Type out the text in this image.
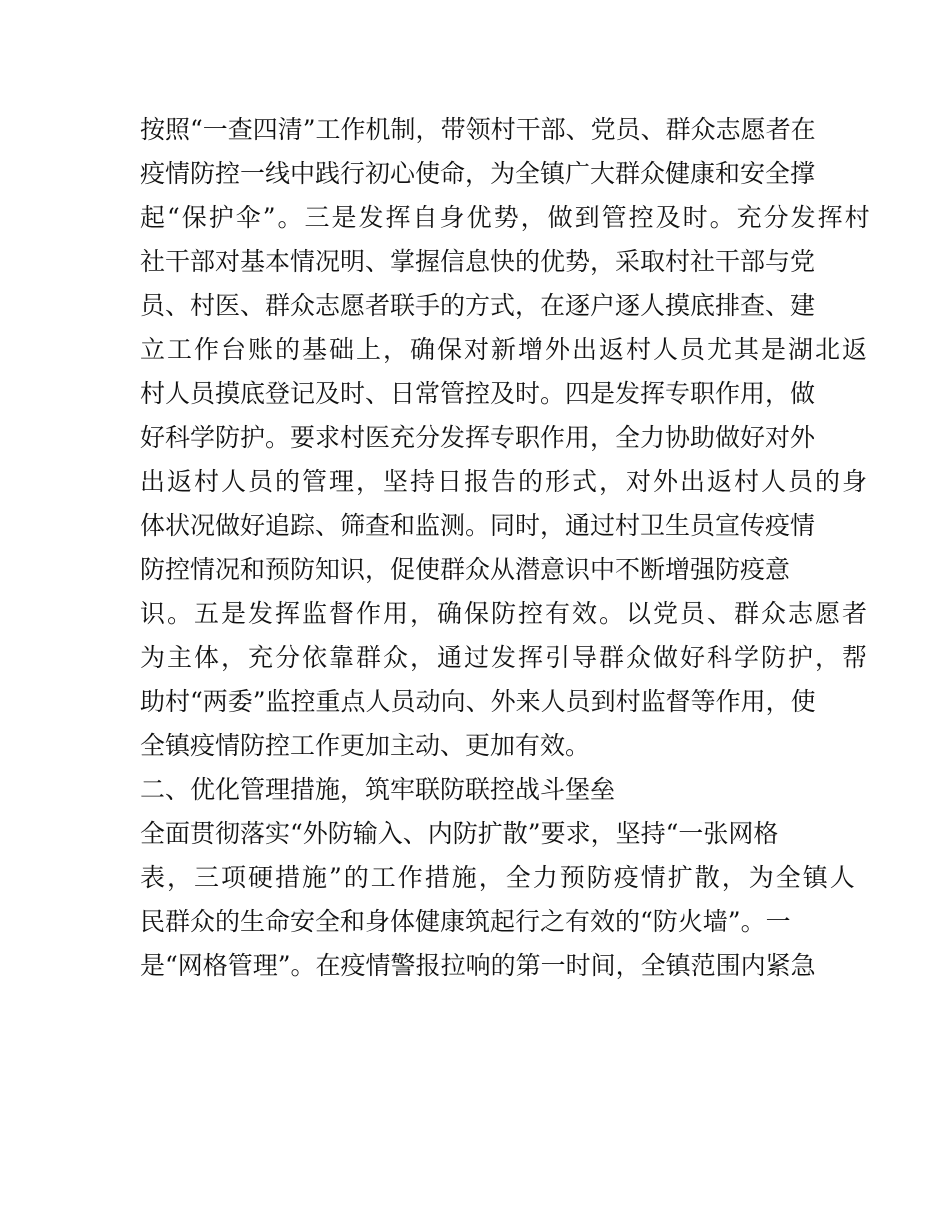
按照“一查四清”工作机制，带领村干部、党员、群众志愿者在
疫情防控一线中践行初心使命，为全镇广大群众健康和安全撑
起“保护伞”。三是发挥自身优势，做到管控及时。充分发挥村
社干部对基本情况明、掌握信息快的优势，采取村社干部与党
员、村医、群众志愿者联手的方式，在逐户逐人摸底排查、建
立工作台账的基础上，确保对新增外出返村人员尤其是湖北返
村人员摸底登记及时、日常管控及时。四是发挥专职作用，做
好科学防护。要求村医充分发挥专职作用，全力协助做好对外
出返村人员的管理，坚持日报告的形式，对外出返村人员的身
体状况做好追踪、筛查和监测。同时，通过村卫生员宣传疫情
防控情况和预防知识，促使群众从潜意识中不断增强防疫意
识。五是发挥监督作用，确保防控有效。以党员、群众志愿者
为主体，充分依靠群众，通过发挥引导群众做好科学防护，帮
助村“两委”监控重点人员动向、外来人员到村监督等作用，使
全镇疫情防控工作更加主动、更加有效。
二、优化管理措施，筑牢联防联控战斗堡垒
全面贯彻落实“外防输入、内防扩散”要求，坚持“一张网格
表，三项硬措施”的工作措施，全力预防疫情扩散，为全镇人
民群众的生命安全和身体健康筑起行之有效的“防火墙”。一
是“网格管理”。在疫情警报拉响的第一时间，全镇范围内紧急
